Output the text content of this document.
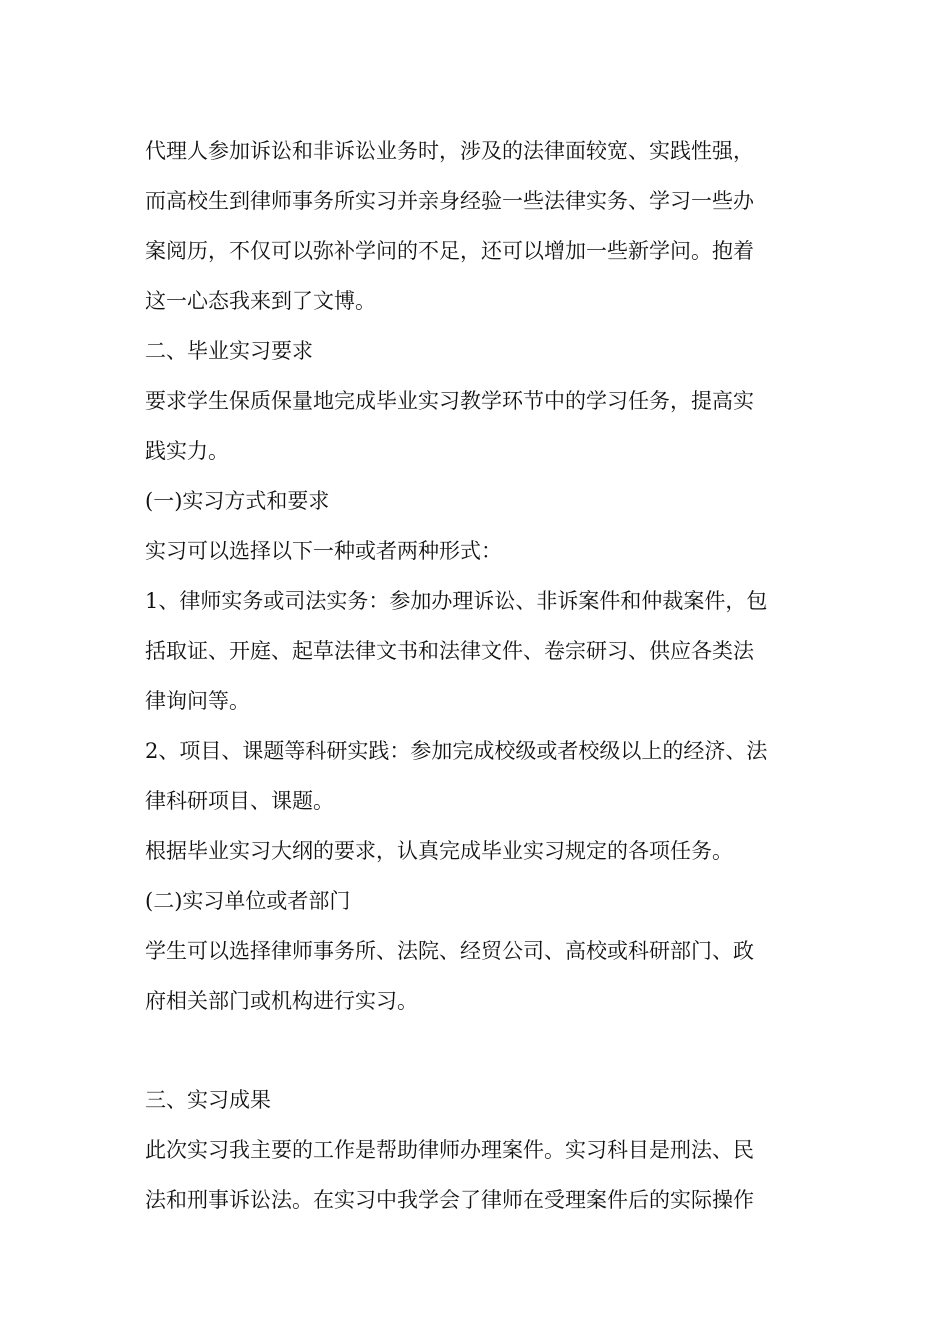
代理人参加诉讼和非诉讼业务时，涉及的法律面较宽、实践性强，
而高校生到律师事务所实习并亲身经验一些法律实务、学习一些办
案阅历，不仅可以弥补学问的不足，还可以增加一些新学问。抱着
这一心态我来到了文博。
二、毕业实习要求
要求学生保质保量地完成毕业实习教学环节中的学习任务，提高实
践实力。
(一)实习方式和要求
实习可以选择以下一种或者两种形式：
1、律师实务或司法实务：参加办理诉讼、非诉案件和仲裁案件，包
括取证、开庭、起草法律文书和法律文件、卷宗研习、供应各类法
律询问等。
2、项目、课题等科研实践：参加完成校级或者校级以上的经济、法
律科研项目、课题。
根据毕业实习大纲的要求，认真完成毕业实习规定的各项任务。
(二)实习单位或者部门
学生可以选择律师事务所、法院、经贸公司、高校或科研部门、政
府相关部门或机构进行实习。
三、实习成果
此次实习我主要的工作是帮助律师办理案件。实习科目是刑法、民
法和刑事诉讼法。在实习中我学会了律师在受理案件后的实际操作
